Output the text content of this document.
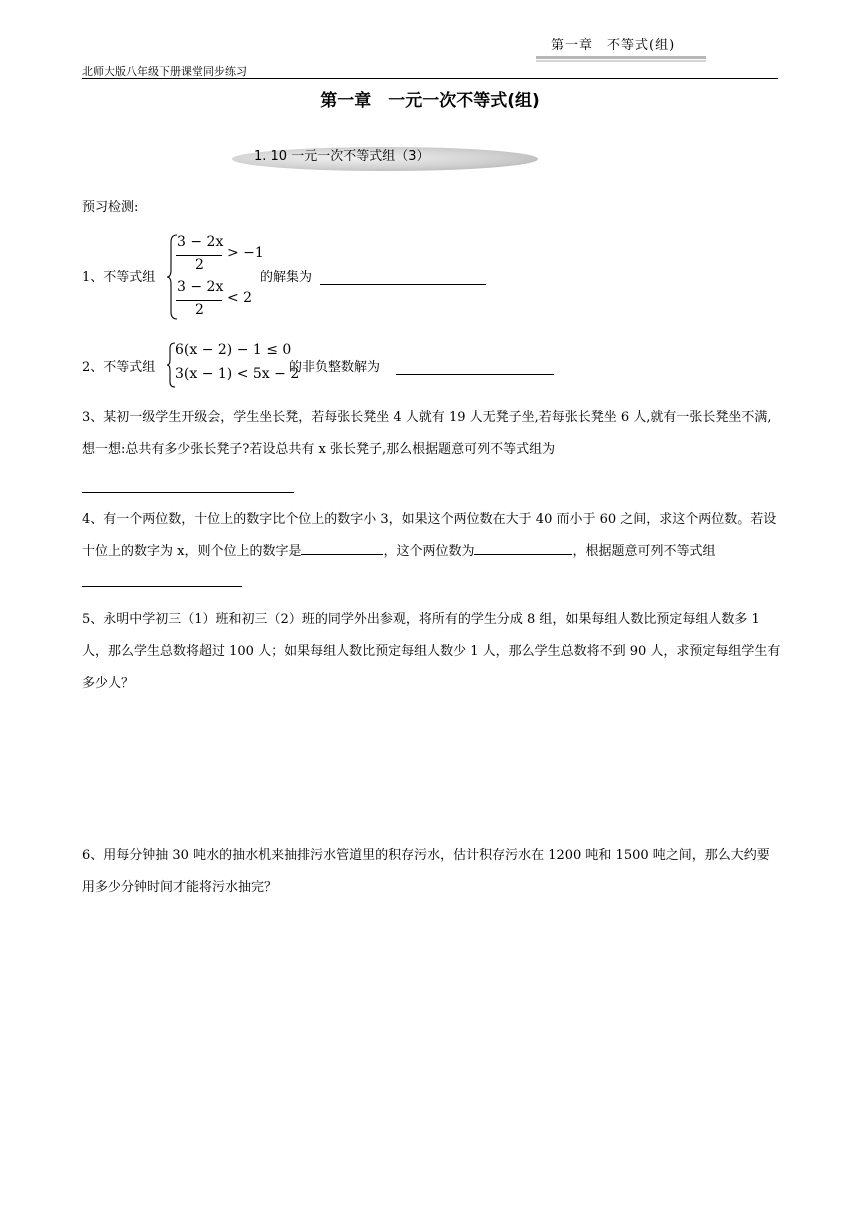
第一章　不等式(组)
北师大版八年级下册课堂同步练习
第一章　一元一次不等式(组)
1. 10 一元一次不等式组（3）
预习检测:
1、不等式组
3 − 2x
2
> −1
3 − 2x
2
< 2
的解集为
2、不等式组
6(x − 2) − 1 ≤ 0
3(x − 1) < 5x − 2
的非负整数解为
3、某初一级学生开级会，学生坐长凳，若每张长凳坐 4 人就有 19 人无凳子坐,若每张长凳坐 6 人,就有一张长凳坐不满,想一想:总共有多少张长凳子?若设总共有 x 张长凳子,那么根据题意可列不等式组为
4、有一个两位数，十位上的数字比个位上的数字小 3，如果这个两位数在大于 40 而小于 60 之间，求这个两位数。若设十位上的数字为 x，则个位上的数字是	，这个两位数为	，根据题意可列不等式组
5、永明中学初三（1）班和初三（2）班的同学外出参观，将所有的学生分成 8 组，如果每组人数比预定每组人数多 1 人，那么学生总数将超过 100 人；如果每组人数比预定每组人数少 1 人，那么学生总数将不到 90 人，求预定每组学生有多少人？
6、用每分钟抽 30 吨水的抽水机来抽排污水管道里的积存污水，估计积存污水在 1200 吨和 1500 吨之间，那么大约要用多少分钟时间才能将污水抽完？
